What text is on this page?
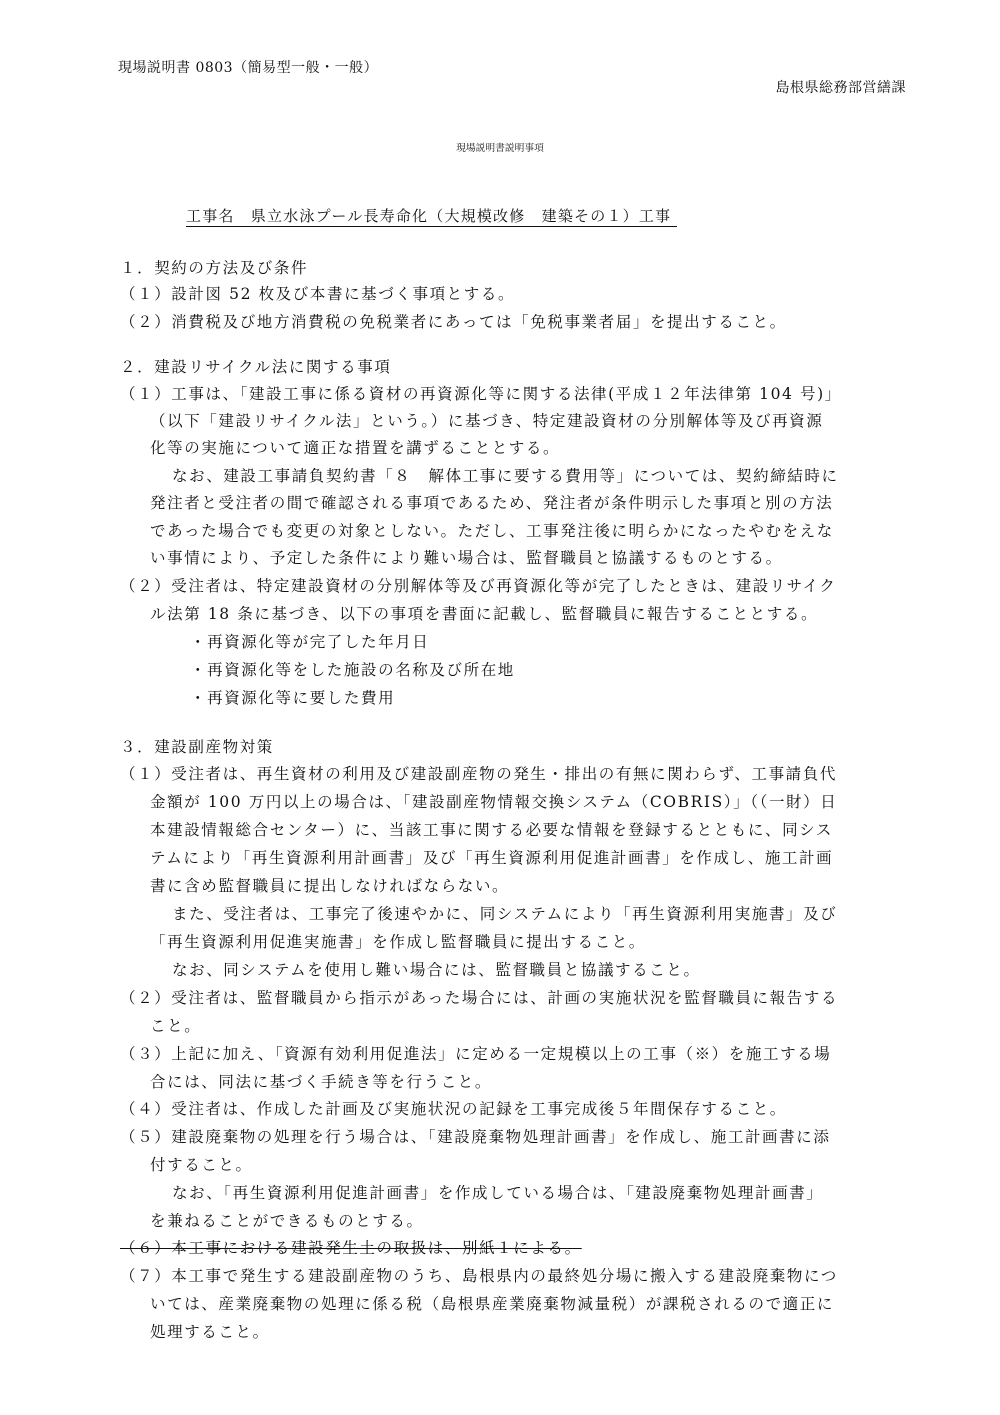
現場説明書 0803（簡易型一般・一般）
島根県総務部営繕課
現場説明書説明事項
工事名　県立水泳プール長寿命化（大規模改修　建築その１）工事
１．契約の方法及び条件
（１）設計図 52 枚及び本書に基づく事項とする。
（２）消費税及び地方消費税の免税業者にあっては「免税事業者届」を提出すること。
２．建設リサイクル法に関する事項
（１）工事は、「建設工事に係る資材の再資源化等に関する法律(平成１２年法律第 104 号)」
（以下「建設リサイクル法」という。）に基づき、特定建設資材の分別解体等及び再資源
化等の実施について適正な措置を講ずることとする。
なお、建設工事請負契約書「８　解体工事に要する費用等」については、契約締結時に
発注者と受注者の間で確認される事項であるため、発注者が条件明示した事項と別の方法
であった場合でも変更の対象としない。ただし、工事発注後に明らかになったやむをえな
い事情により、予定した条件により難い場合は、監督職員と協議するものとする。
（２）受注者は、特定建設資材の分別解体等及び再資源化等が完了したときは、建設リサイク
ル法第 18 条に基づき、以下の事項を書面に記載し、監督職員に報告することとする。
・再資源化等が完了した年月日
・再資源化等をした施設の名称及び所在地
・再資源化等に要した費用
３．建設副産物対策
（１）受注者は、再生資材の利用及び建設副産物の発生・排出の有無に関わらず、工事請負代
金額が 100 万円以上の場合は、「建設副産物情報交換システム（COBRIS）」（（一財）日
本建設情報総合センター）に、当該工事に関する必要な情報を登録するとともに、同シス
テムにより「再生資源利用計画書」及び「再生資源利用促進計画書」を作成し、施工計画
書に含め監督職員に提出しなければならない。
また、受注者は、工事完了後速やかに、同システムにより「再生資源利用実施書」及び
「再生資源利用促進実施書」を作成し監督職員に提出すること。
なお、同システムを使用し難い場合には、監督職員と協議すること。
（２）受注者は、監督職員から指示があった場合には、計画の実施状況を監督職員に報告する
こと。
（３）上記に加え、「資源有効利用促進法」に定める一定規模以上の工事（※）を施工する場
合には、同法に基づく手続き等を行うこと。
（４）受注者は、作成した計画及び実施状況の記録を工事完成後５年間保存すること。
（５）建設廃棄物の処理を行う場合は、「建設廃棄物処理計画書」を作成し、施工計画書に添
付すること。
なお、「再生資源利用促進計画書」を作成している場合は、「建設廃棄物処理計画書」
を兼ねることができるものとする。
（６）本工事における建設発生土の取扱は、別紙１による。
（７）本工事で発生する建設副産物のうち、島根県内の最終処分場に搬入する建設廃棄物につ
いては、産業廃棄物の処理に係る税（島根県産業廃棄物減量税）が課税されるので適正に
処理すること。
